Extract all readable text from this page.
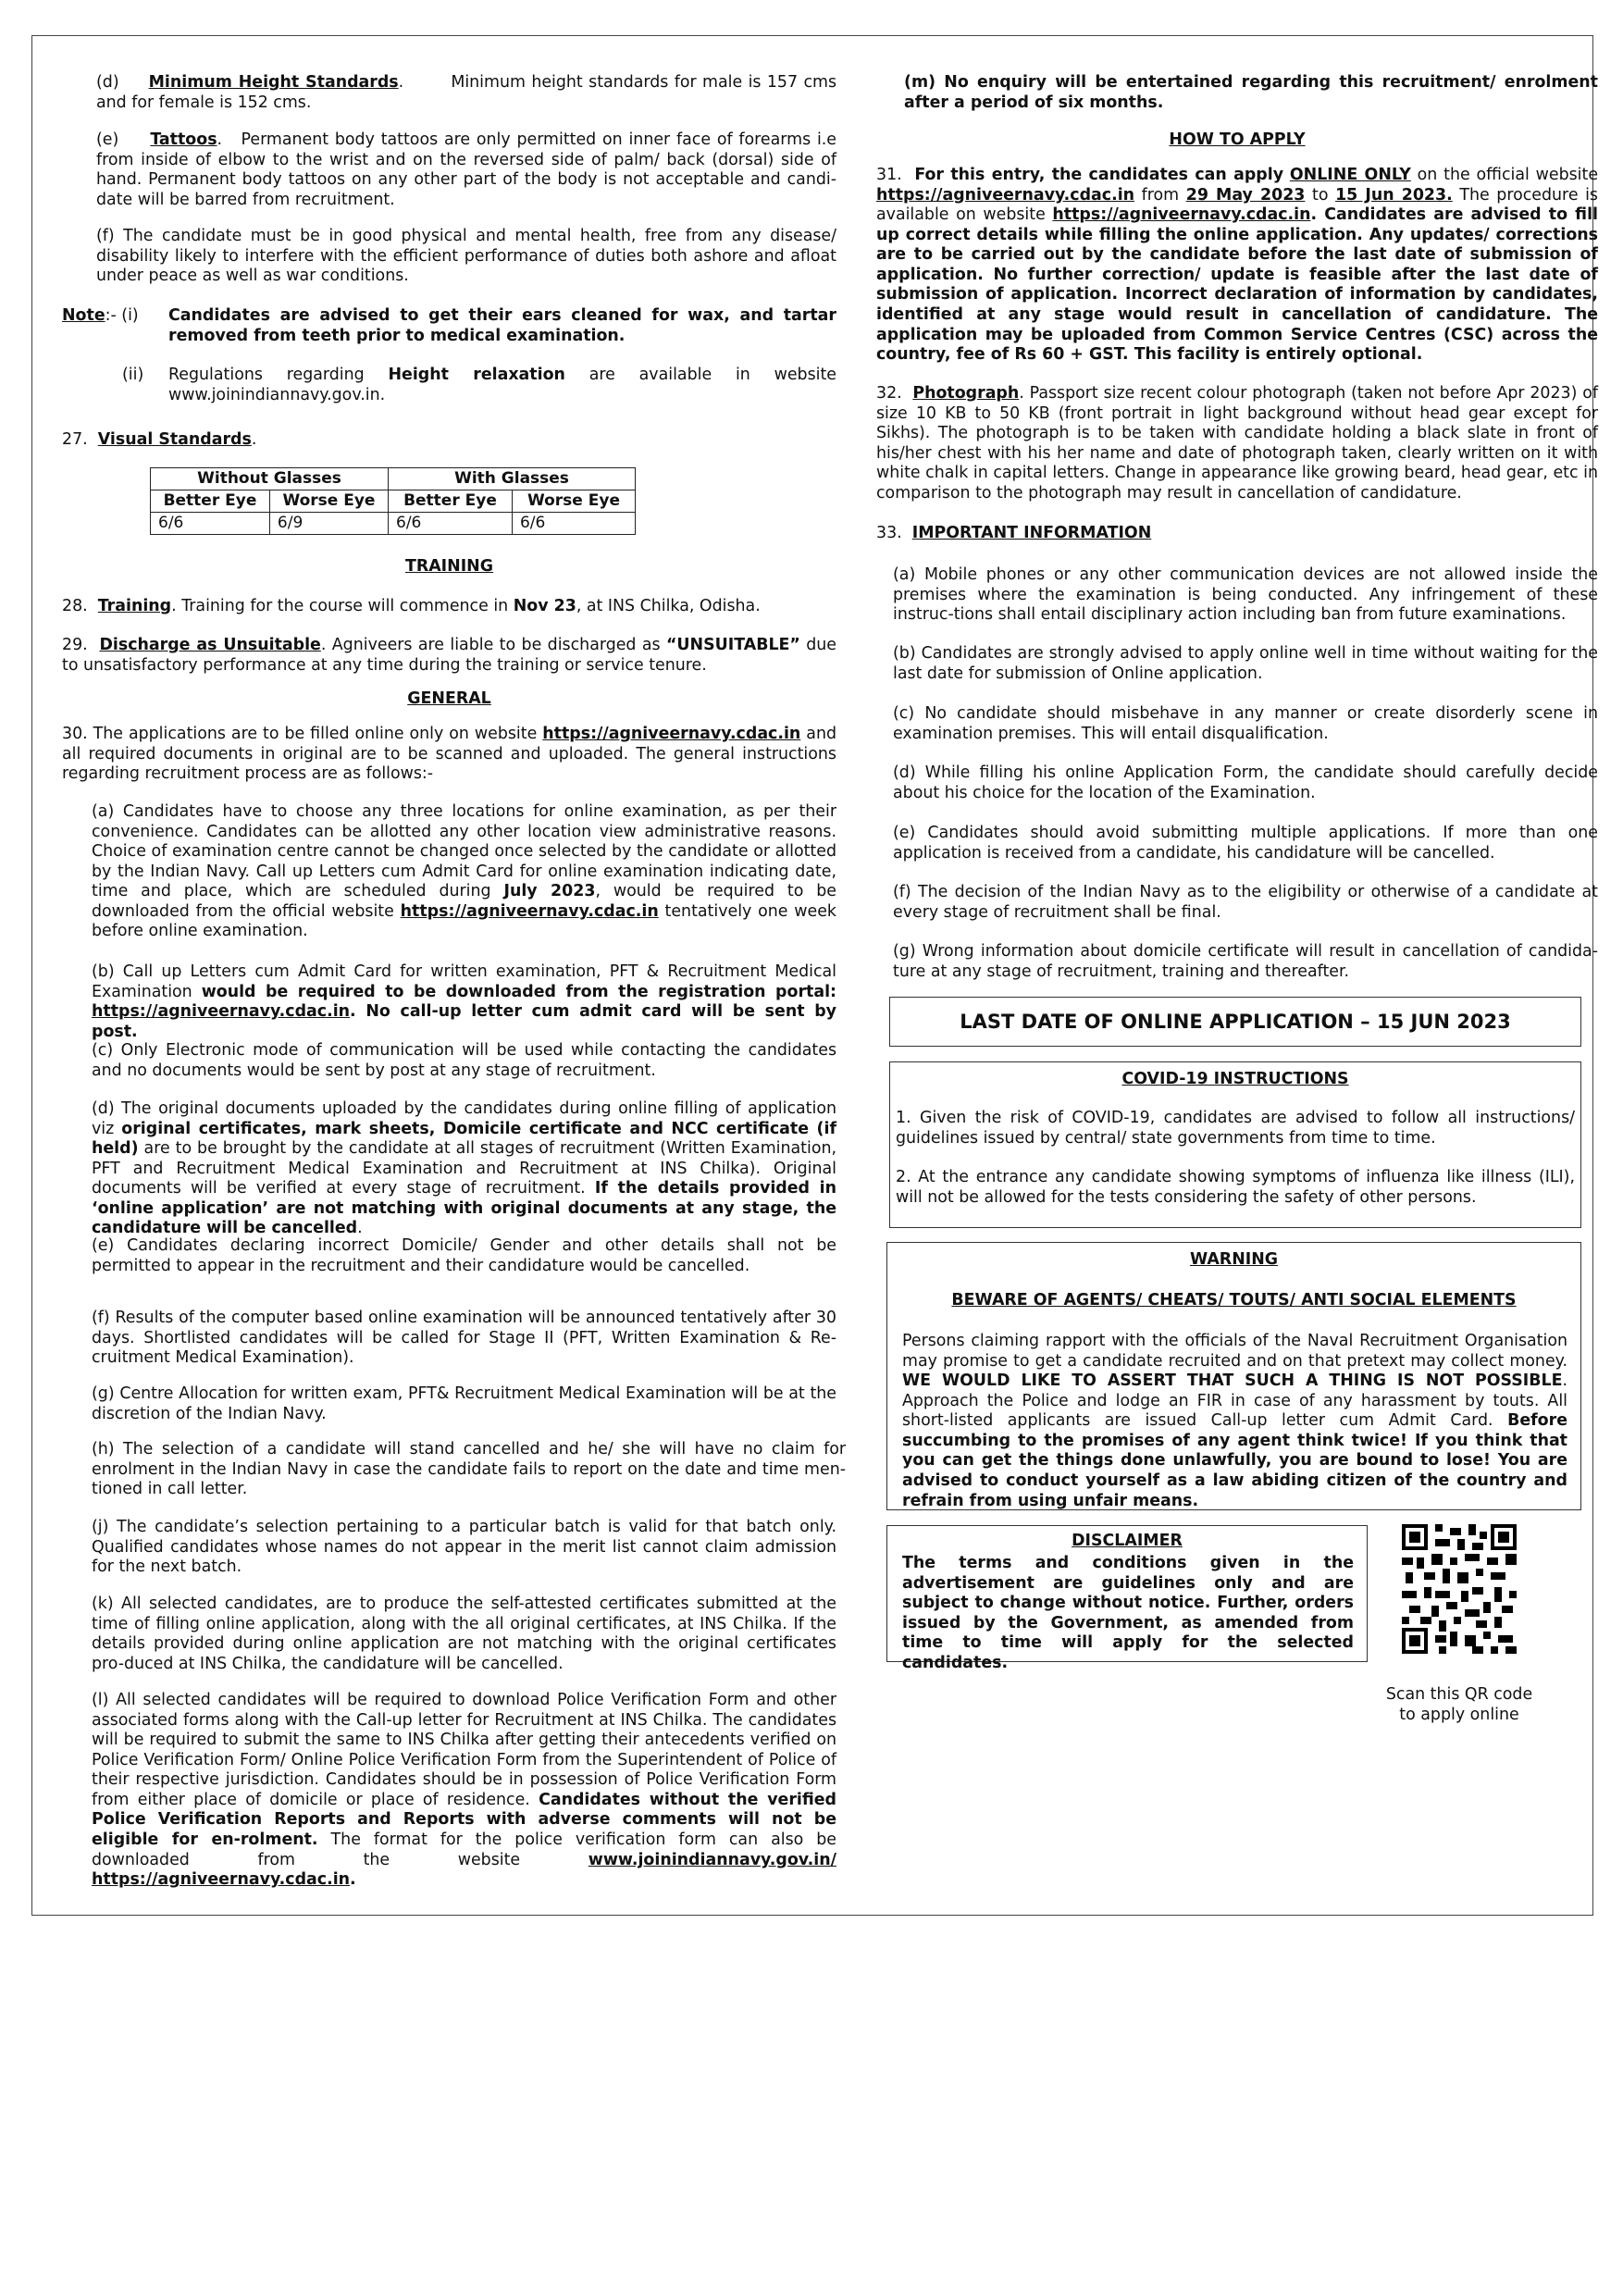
(d) Minimum Height Standards.        Minimum height standards for male is 157 cms and for female is 152 cms.

(e) Tattoos.   Permanent body tattoos are only permitted on inner face of forearms i.e from inside of elbow to the wrist and on the reversed side of palm/ back (dorsal) side of hand. Permanent body tattoos on any other part of the body is not acceptable and candi-date will be barred from recruitment.

(f) The candidate must be in good physical and mental health, free from any disease/ disability likely to interfere with the efficient performance of duties both ashore and afloat under peace as well as war conditions.

Note:- (i) Candidates are advised to get their ears cleaned for wax, and tartar removed from teeth prior to medical examination.

(ii) Regulations regarding Height relaxation are available in website www.joinindiannavy.gov.in.

27. Visual Standards.

Without Glasses		With Glasses	
Better Eye	Worse Eye	Better Eye	Worse Eye
6/6	6/9	6/6	6/6

TRAINING

28. Training. Training for the course will commence in Nov 23, at INS Chilka, Odisha.

29. Discharge as Unsuitable. Agniveers are liable to be discharged as “UNSUITABLE” due to unsatisfactory performance at any time during the training or service tenure.

GENERAL

30. The applications are to be filled online only on website https://agniveernavy.cdac.in and all required documents in original are to be scanned and uploaded. The general instructions regarding recruitment process are as follows:-

(a) Candidates have to choose any three locations for online examination, as per their convenience. Candidates can be allotted any other location view administrative reasons. Choice of examination centre cannot be changed once selected by the candidate or allotted by the Indian Navy. Call up Letters cum Admit Card for online examination indicating date, time and place, which are scheduled during July 2023, would be required to be downloaded from the official website https://agniveernavy.cdac.in tentatively one week before online examination.

(b) Call up Letters cum Admit Card for written examination, PFT & Recruitment Medical Examination would be required to be downloaded from the registration portal: https://agniveernavy.cdac.in. No call-up letter cum admit card will be sent by post.

(c) Only Electronic mode of communication will be used while contacting the candidates and no documents would be sent by post at any stage of recruitment.

(d) The original documents uploaded by the candidates during online filling of application viz original certificates, mark sheets, Domicile certificate and NCC certificate (if held) are to be brought by the candidate at all stages of recruitment (Written Examination, PFT and Recruitment Medical Examination and Recruitment at INS Chilka). Original documents will be verified at every stage of recruitment. If the details provided in ‘online application’ are not matching with original documents at any stage, the candidature will be cancelled.

(e) Candidates declaring incorrect Domicile/ Gender and other details shall not be permitted to appear in the recruitment and their candidature would be cancelled.

(f) Results of the computer based online examination will be announced tentatively after 30 days. Shortlisted candidates will be called for Stage II (PFT, Written Examination & Re-cruitment Medical Examination).

(g) Centre Allocation for written exam, PFT& Recruitment Medical Examination will be at the discretion of the Indian Navy.

(h) The selection of a candidate will stand cancelled and he/ she will have no claim for enrolment in the Indian Navy in case the candidate fails to report on the date and time men-tioned in call letter.

(j) The candidate’s selection pertaining to a particular batch is valid for that batch only. Qualified candidates whose names do not appear in the merit list cannot claim admission for the next batch.

(k) All selected candidates, are to produce the self-attested certificates submitted at the time of filling online application, along with the all original certificates, at INS Chilka. If the details provided during online application are not matching with the original certificates pro-duced at INS Chilka, the candidature will be cancelled.

(l) All selected candidates will be required to download Police Verification Form and other associated forms along with the Call-up letter for Recruitment at INS Chilka. The candidates will be required to submit the same to INS Chilka after getting their antecedents verified on Police Verification Form/ Online Police Verification Form from the Superintendent of Police of their respective jurisdiction. Candidates should be in possession of Police Verification Form from either place of domicile or place of residence. Candidates without the verified Police Verification Reports and Reports with adverse comments will not be eligible for en-rolment. The format for the police verification form can also be downloaded from the website	www.joinindiannavy.gov.in/ https://agniveernavy.cdac.in.

(m) No enquiry will be entertained regarding this recruitment/ enrolment after a period of six months.

HOW TO APPLY

31. For this entry, the candidates can apply ONLINE ONLY on the official website https://agniveernavy.cdac.in from 29 May 2023 to 15 Jun 2023. The procedure is available on website https://agniveernavy.cdac.in. Candidates are advised to fill up correct details while filling the online application. Any updates/ corrections are to be carried out by the candidate before the last date of submission of application. No further correction/ update is feasible after the last date of submission of application. Incorrect declaration of information by candidates, identified at any stage would result in cancellation of candidature. The application may be uploaded from Common Service Centres (CSC) across the country, fee of Rs 60 + GST. This facility is entirely optional.

32. Photograph. Passport size recent colour photograph (taken not before Apr 2023) of size 10 KB to 50 KB (front portrait in light background without head gear except for Sikhs). The photograph is to be taken with candidate holding a black slate in front of his/her chest with his her name and date of photograph taken, clearly written on it with white chalk in capital letters. Change in appearance like growing beard, head gear, etc in comparison to the photograph may result in cancellation of candidature.

33. IMPORTANT INFORMATION

(a) Mobile phones or any other communication devices are not allowed inside the premises where the examination is being conducted. Any infringement of these instruc-tions shall entail disciplinary action including ban from future examinations.

(b) Candidates are strongly advised to apply online well in time without waiting for the last date for submission of Online application.

(c) No candidate should misbehave in any manner or create disorderly scene in examination premises. This will entail disqualification.

(d) While filling his online Application Form, the candidate should carefully decide about his choice for the location of the Examination.

(e) Candidates should avoid submitting multiple applications. If more than one application is received from a candidate, his candidature will be cancelled.

(f) The decision of the Indian Navy as to the eligibility or otherwise of a candidate at every stage of recruitment shall be final.

(g) Wrong information about domicile certificate will result in cancellation of candida-ture at any stage of recruitment, training and thereafter.

LAST DATE OF ONLINE APPLICATION – 15 JUN 2023

COVID-19 INSTRUCTIONS

1. Given the risk of COVID-19, candidates are advised to follow all instructions/ guidelines issued by central/ state governments from time to time.

2. At the entrance any candidate showing symptoms of influenza like illness (ILI), will not be allowed for the tests considering the safety of other persons.

WARNING

BEWARE OF AGENTS/ CHEATS/ TOUTS/ ANTI SOCIAL ELEMENTS

Persons claiming rapport with the officials of the Naval Recruitment Organisation may promise to get a candidate recruited and on that pretext may collect money. WE WOULD LIKE TO ASSERT THAT SUCH A THING IS NOT POSSIBLE. Approach the Police and lodge an FIR in case of any harassment by touts. All short-listed applicants are issued Call-up letter cum Admit Card. Before succumbing to the promises of any agent think twice! If you think that you can get the things done unlawfully, you are bound to lose! You are advised to conduct yourself as a law abiding citizen of the country and refrain from using unfair means.

DISCLAIMER

The terms and conditions given in the advertisement are guidelines only and are subject to change without notice. Further, orders issued by the Government, as amended from time to time will apply for the selected candidates.

Scan this QR code
to apply online
